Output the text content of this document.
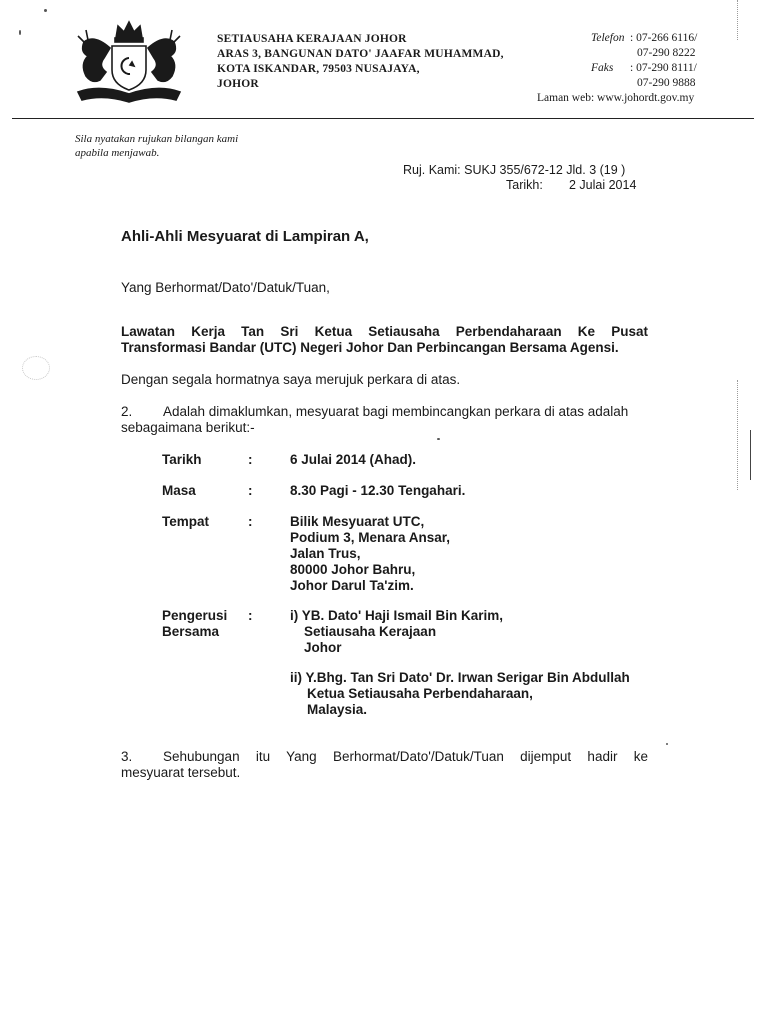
SETIAUSAHA KERAJAAN JOHOR
ARAS 3, BANGUNAN DATO' JAAFAR MUHAMMAD,
KOTA ISKANDAR, 79503 NUSAJAYA,
JOHOR
Telefon : 07-266 6116/
07-290 8222
Faks : 07-290 8111/
07-290 9888
Laman web: www.johordt.gov.my
Sila nyatakan rujukan bilangan kami
apabila menjawab.
Ruj. Kami: SUKJ 355/672-12 Jld. 3 (19 )
Tarikh: 2 Julai 2014
Ahli-Ahli Mesyuarat di Lampiran A,
Yang Berhormat/Dato'/Datuk/Tuan,
Lawatan Kerja Tan Sri Ketua Setiausaha Perbendaharaan Ke Pusat
Transformasi Bandar (UTC) Negeri Johor Dan Perbincangan Bersama Agensi.
Dengan segala hormatnya saya merujuk perkara di atas.
2. Adalah dimaklumkan, mesyuarat bagi membincangkan perkara di atas adalah
sebagaimana berikut:-
Tarikh	:	6 Julai 2014 (Ahad).
Masa	:	8.30 Pagi - 12.30 Tengahari.
Tempat	:	Bilik Mesyuarat UTC,
Podium 3, Menara Ansar,
Jalan Trus,
80000 Johor Bahru,
Johor Darul Ta'zim.
Pengerusi
Bersama
:	i) YB. Dato' Haji Ismail Bin Karim,
Setiausaha Kerajaan
Johor
ii) Y.Bhg. Tan Sri Dato' Dr. Irwan Serigar Bin Abdullah
Ketua Setiausaha Perbendaharaan,
Malaysia.
3. Sehubungan itu Yang Berhormat/Dato'/Datuk/Tuan dijemput hadir ke
mesyuarat tersebut.
